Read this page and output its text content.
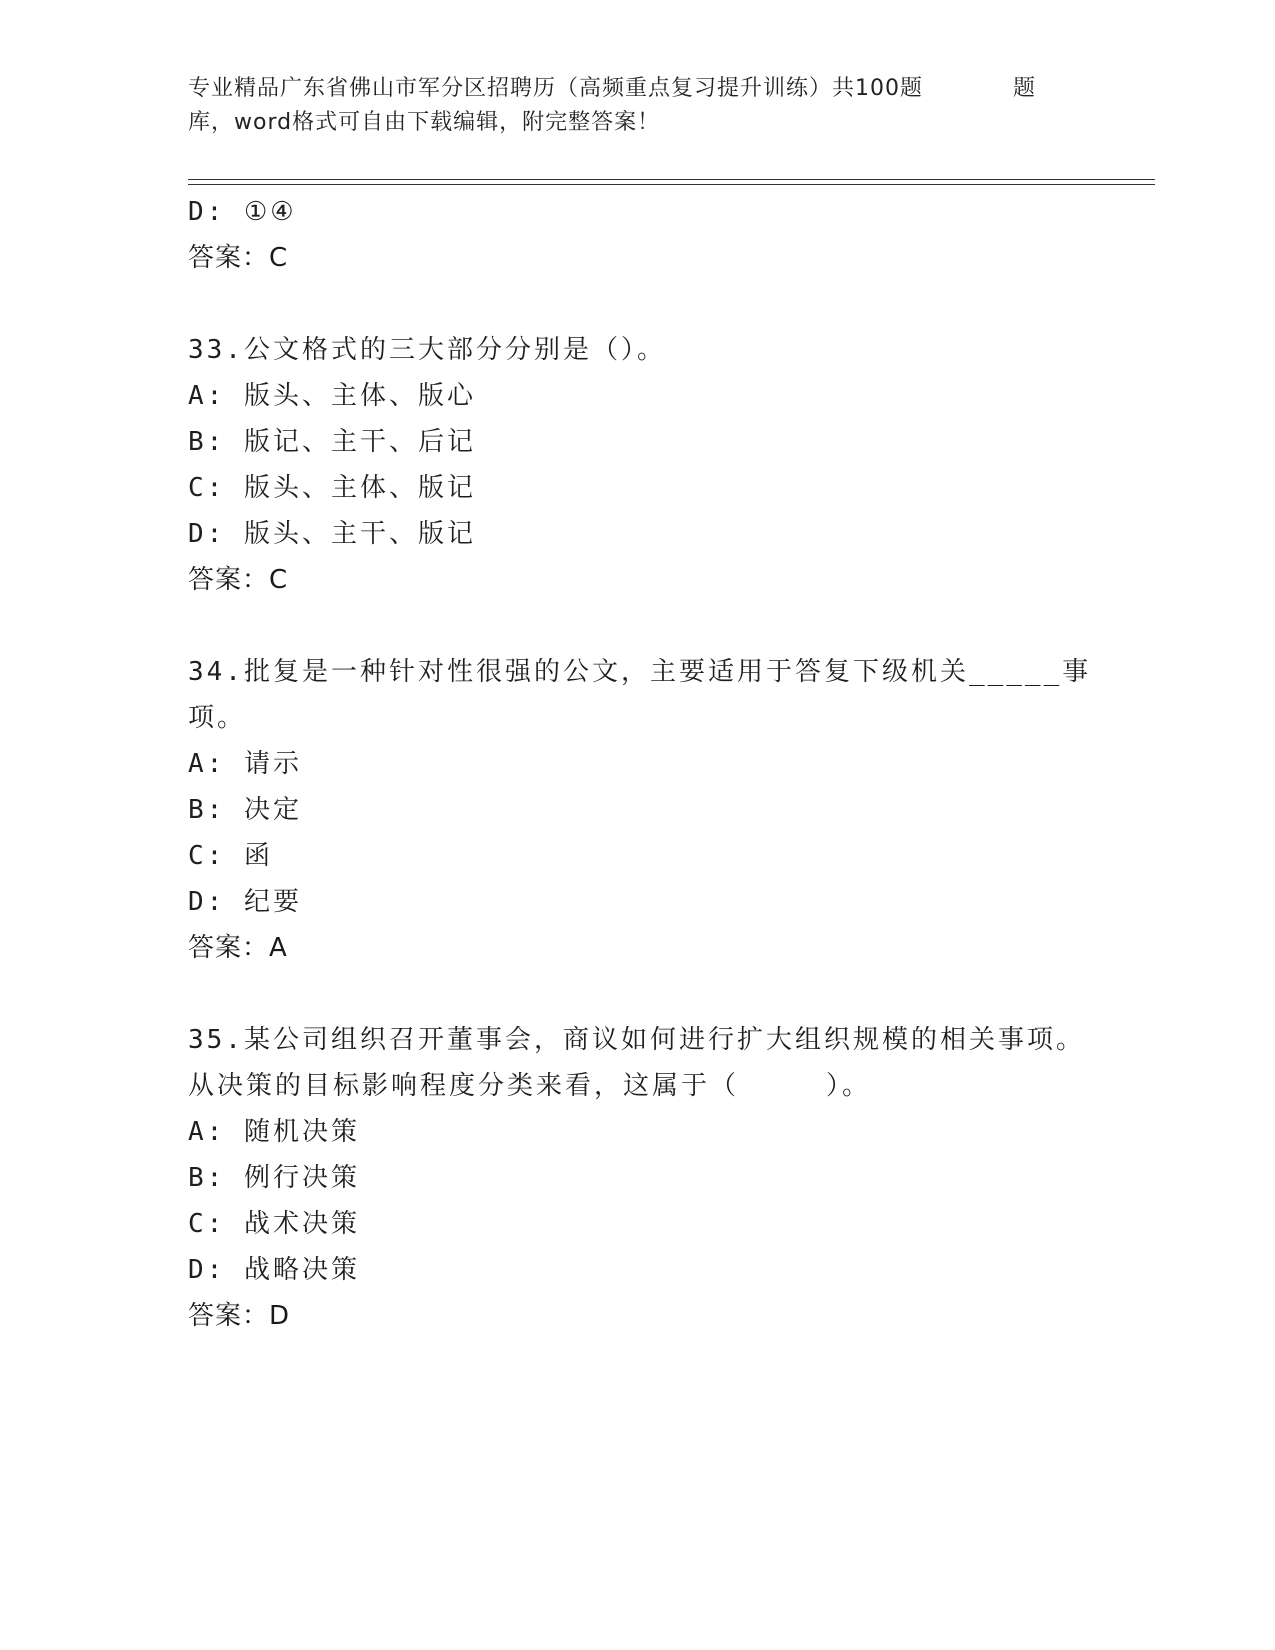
专业精品广东省佛山市军分区招聘历（高频重点复习提升训练）共100题	题
库，word格式可自由下载编辑，附完整答案！
D: ①④
答案：C
33.公文格式的三大部分分别是（）。
A: 版头、主体、版心
B: 版记、主干、后记
C: 版头、主体、版记
D: 版头、主干、版记
答案：C
34.批复是一种针对性很强的公文，主要适用于答复下级机关_____事
项。
A: 请示
B: 决定
C: 函
D: 纪要
答案：A
35.某公司组织召开董事会，商议如何进行扩大组织规模的相关事项。
从决策的目标影响程度分类来看，这属于（　　　）。
A: 随机决策
B: 例行决策
C: 战术决策
D: 战略决策
答案：D
